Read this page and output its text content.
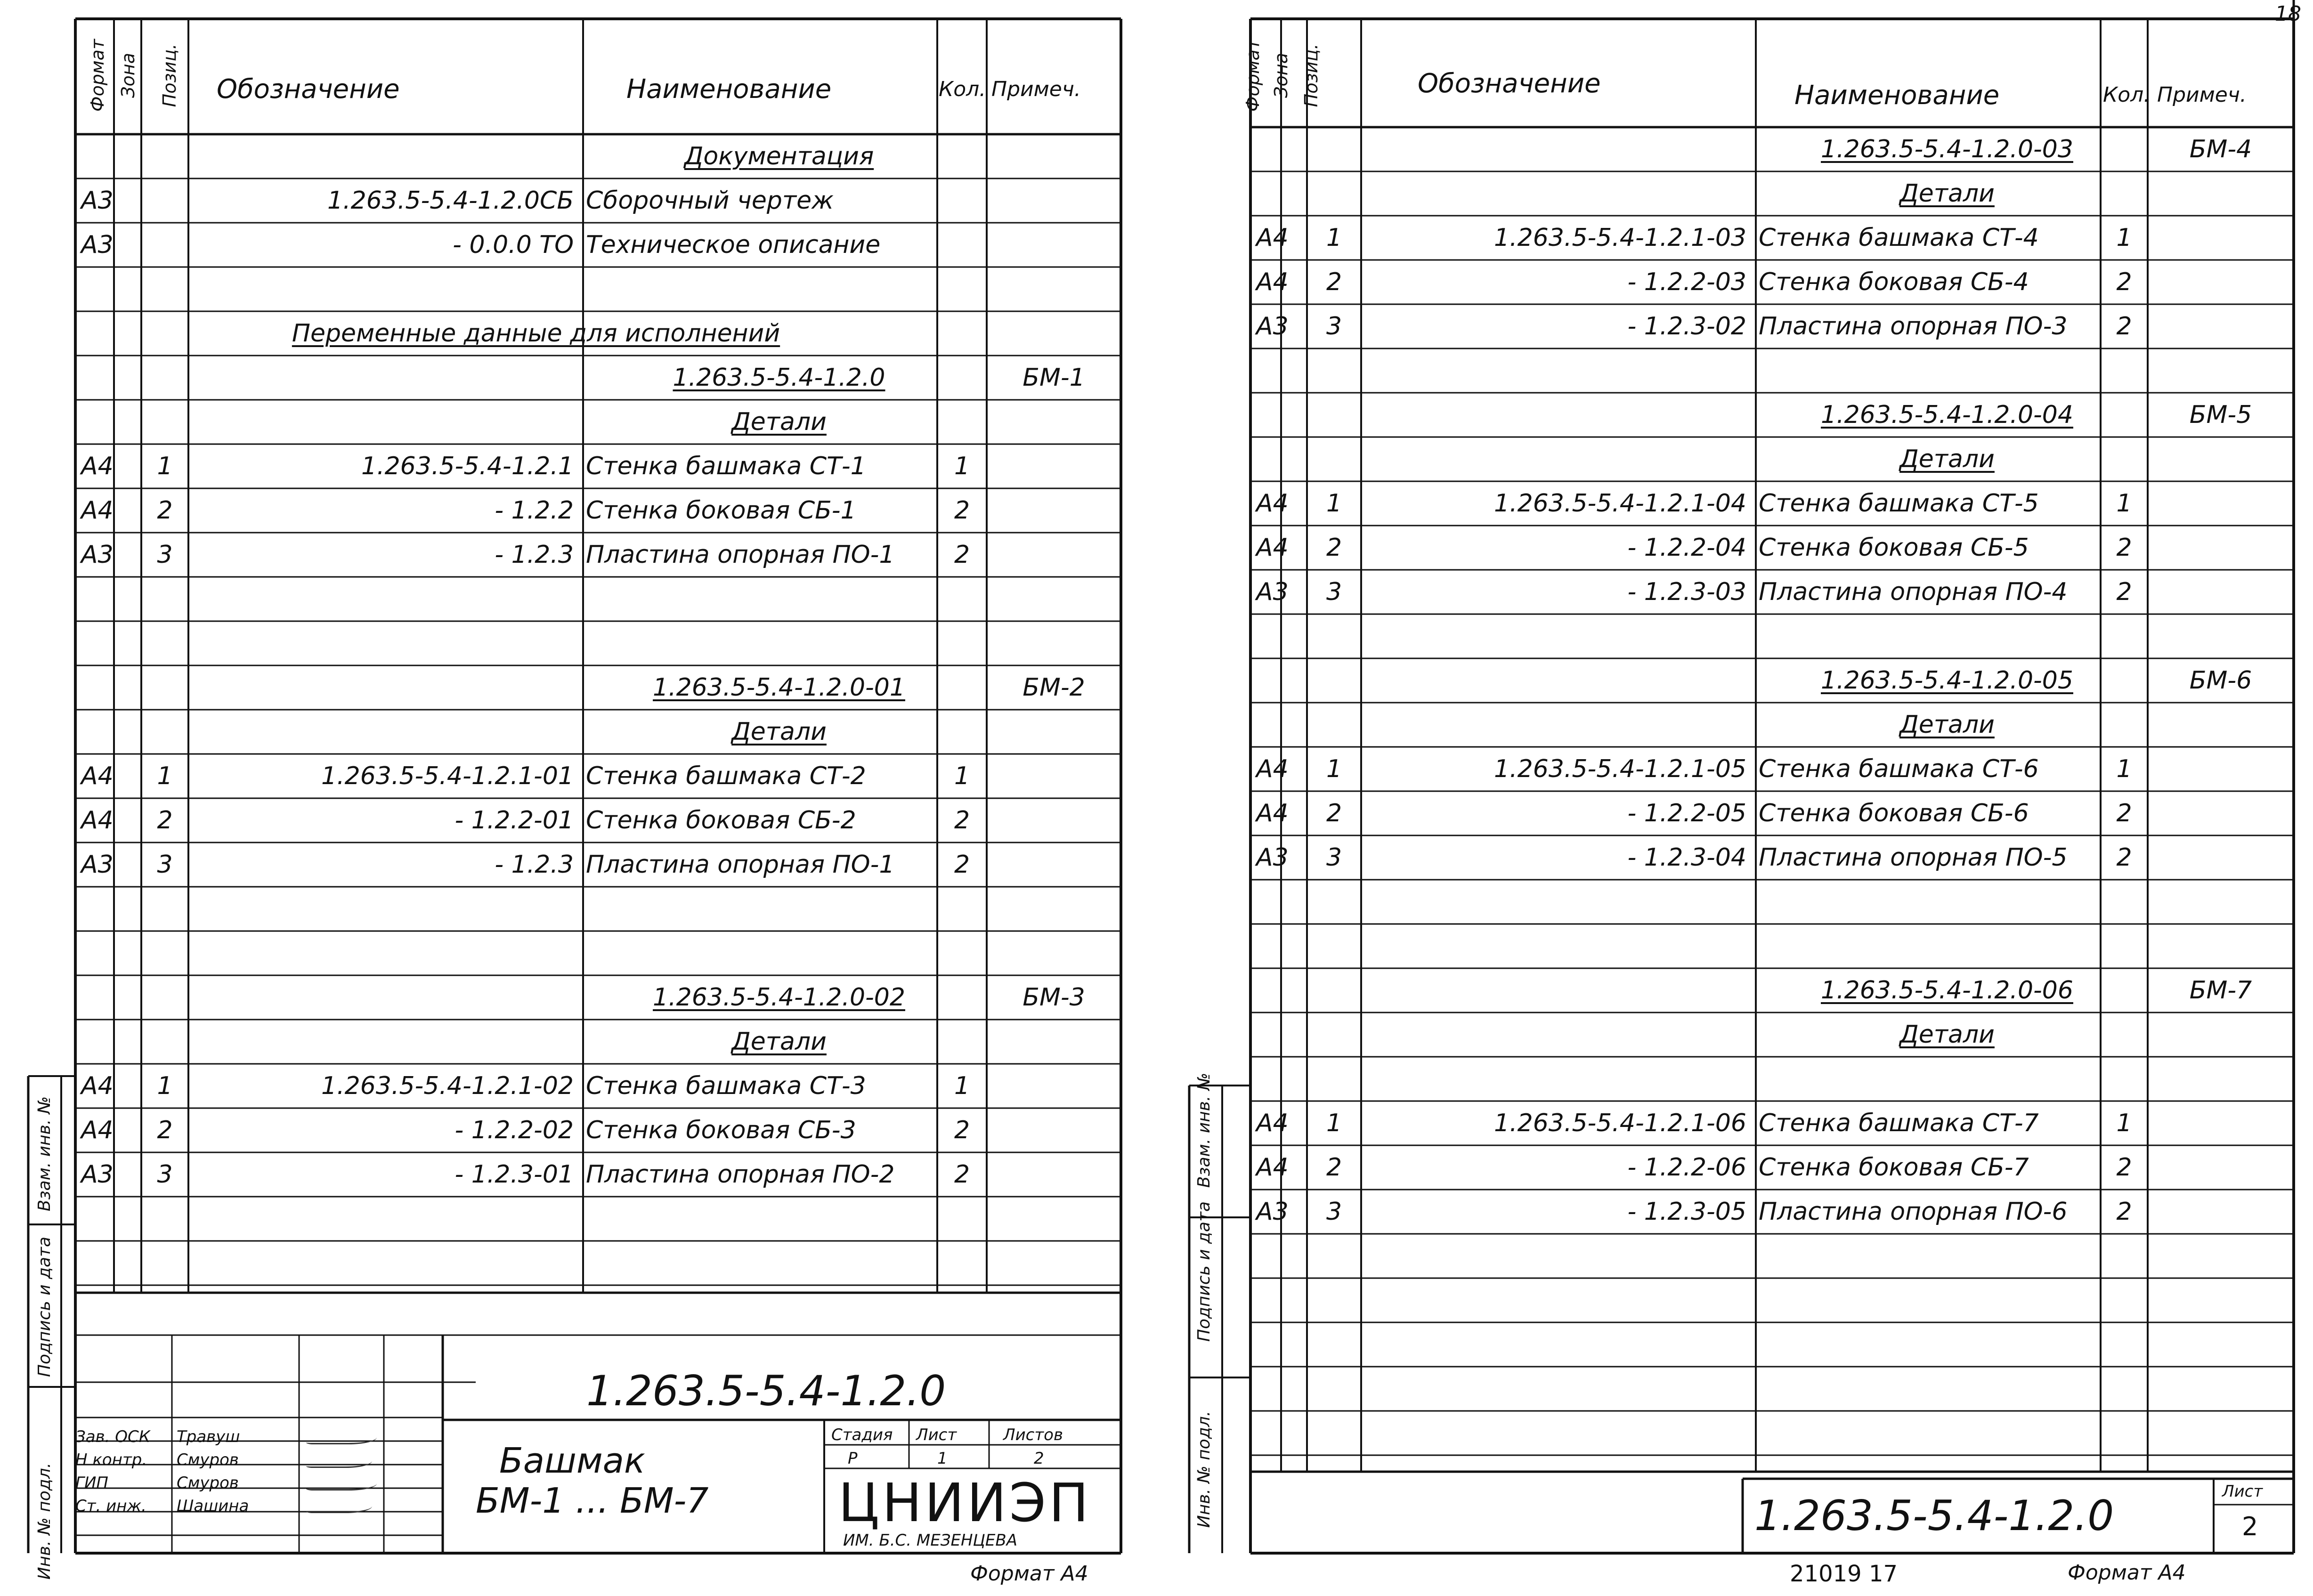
Документация
А3	1.263.5-5.4-1.2.0СБ Сборочный чертеж
А3	- 0.0.0 ТО Техническое описание
Переменные данные для исполнений
1.263.5-5.4-1.2.0	БМ-1
Детали
А4 1	1.263.5-5.4-1.2.1 Стенка башмака СТ-1	1
А4 2	- 1.2.2 Стенка боковая СБ-1	2
А3 3	- 1.2.3 Пластина опорная ПО-1 2
1.263.5-5.4-1.2.0-01	БМ-2
Детали
А4 1	1.263.5-5.4-1.2.1-01 Стенка башмака СТ-2	1
А4 2	- 1.2.2-01 Стенка боковая СБ-2	2
А3 3	- 1.2.3 Пластина опорная ПО-1 2
1.263.5-5.4-1.2.0-02	БМ-3
Детали
А4 1	1.263.5-5.4-1.2.1-02 Стенка башмака СТ-3	1
А4 2	- 1.2.2-02 Стенка боковая СБ-3	2
А3 3	- 1.2.3-01 Пластина опорная ПО-2 2
Формат Зона Позиц. Обозначение	Наименование	Кол. Примеч.
Инв. № подл.
Подпись и дата
Взам. инв. №
1.263.5-5.4-1.2.0
Башмак
БМ-1 ... БМ-7
Зав. ОСК
Н контр.
ГИП
Ст. инж.
Травуш
Смуров
Смуров
Шашина
Стадия Лист	Листов
Р	1	2
ЦНИИЭП
ИМ. Б.С. МЕЗЕНЦЕВА
Формат А4
1.263.5-5.4-1.2.0-03	БМ-4
Детали
А4 1	1.263.5-5.4-1.2.1-03 Стенка башмака СТ-4	1
А4 2	- 1.2.2-03 Стенка боковая СБ-4	2
А3 3	- 1.2.3-02 Пластина опорная ПО-3 2
1.263.5-5.4-1.2.0-04	БМ-5
Детали
А4 1	1.263.5-5.4-1.2.1-04 Стенка башмака СТ-5	1
А4 2	- 1.2.2-04 Стенка боковая СБ-5	2
А3 3	- 1.2.3-03 Пластина опорная ПО-4 2
1.263.5-5.4-1.2.0-05	БМ-6
Детали
А4 1	1.263.5-5.4-1.2.1-05 Стенка башмака СТ-6	1
А4 2	- 1.2.2-05 Стенка боковая СБ-6	2
А3 3	- 1.2.3-04 Пластина опорная ПО-5 2
1.263.5-5.4-1.2.0-06	БМ-7
Детали
А4 1	1.263.5-5.4-1.2.1-06 Стенка башмака СТ-7	1
А4 2	- 1.2.2-06 Стенка боковая СБ-7	2
А3 3	- 1.2.3-05 Пластина опорная ПО-6 2
Формат Зона Позиц.	Обозначение	Наименование	Кол. Примеч.
Инв. № подл.
Подпись и дата
Взам. инв. №
1.263.5-5.4-1.2.0	Лист
2
18
21019 17	Формат А4
